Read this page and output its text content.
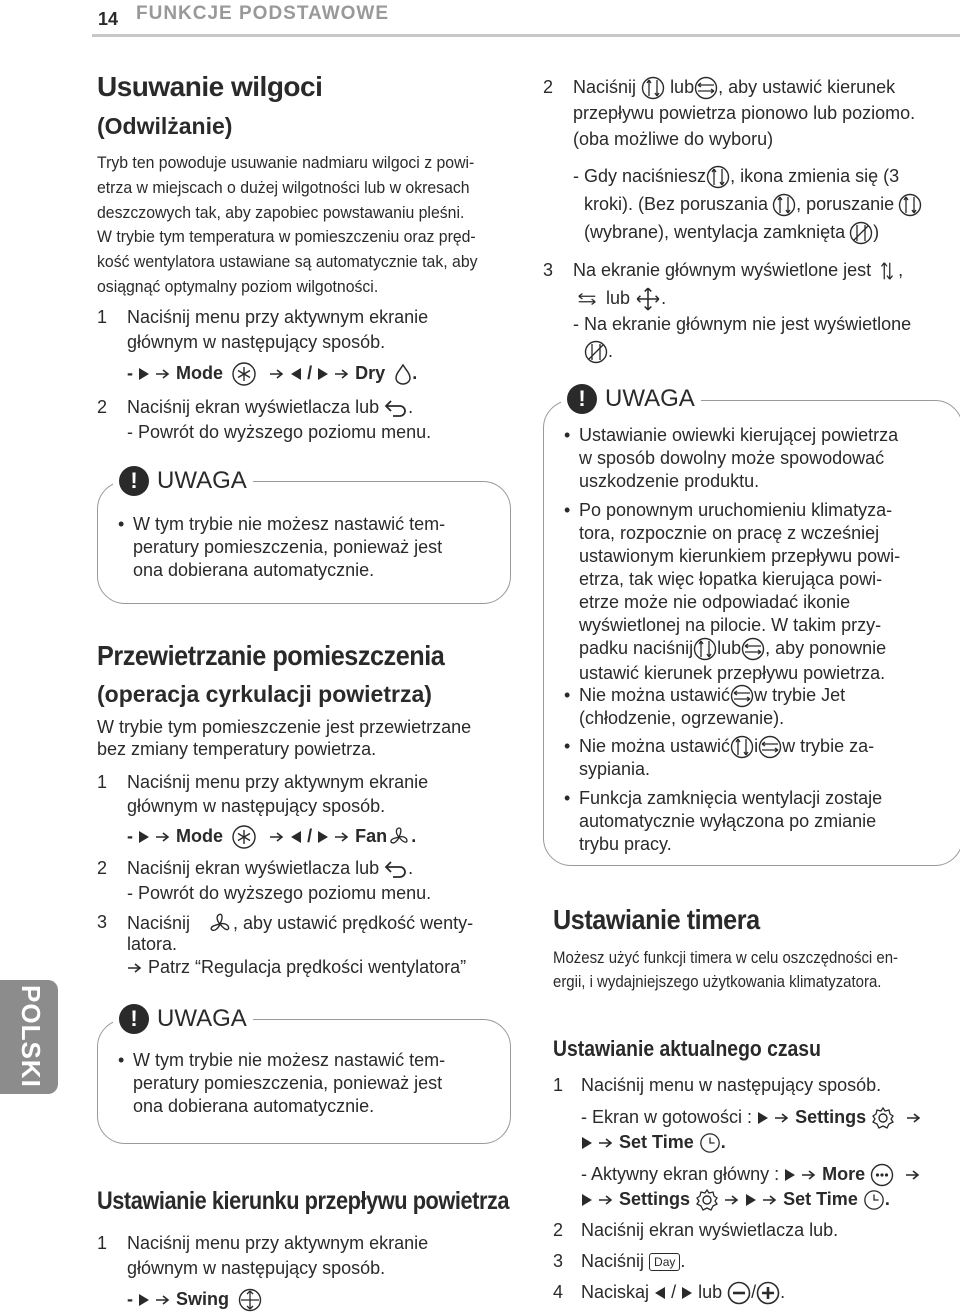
14 FUNKCJE PODSTAWOWE
POLSKI
Usuwanie wilgoci
(Odwilżanie)
Tryb ten powoduje usuwanie nadmiaru wilgoci z powi-
etrza w miejscach o dużej wilgotności lub w okresach
deszczowych tak, aby zapobiec powstawaniu pleśni.
W trybie tym temperatura w pomieszczeniu oraz pręd-
kość wentylatora ustawiane są automatycznie tak, aby
osiągnąć optymalny poziom wilgotności.
1 Naciśnij menu przy aktywnym ekranie
głównym w następujący sposób.
- Mode	/ Dry .
2 Naciśnij ekran wyświetlacza lub .
- Powrót do wyższego poziomu menu.
! UWAGA
• W tym trybie nie możesz nastawić tem-
peratury pomieszczenia, ponieważ jest
ona dobierana automatycznie.
Przewietrzanie pomieszczenia
(operacja cyrkulacji powietrza)
W trybie tym pomieszczenie jest przewietrzane
bez zmiany temperatury powietrza.
1 Naciśnij menu przy aktywnym ekranie
głównym w następujący sposób.
- Mode	/ Fan .
2 Naciśnij ekran wyświetlacza lub .
- Powrót do wyższego poziomu menu.
3 Naciśnij , aby ustawić prędkość wenty-
latora.
Patrz “Regulacja prędkości wentylatora”
! UWAGA
• W tym trybie nie możesz nastawić tem-
peratury pomieszczenia, ponieważ jest
ona dobierana automatycznie.
Ustawianie kierunku przepływu powietrza
1 Naciśnij menu przy aktywnym ekranie
głównym w następujący sposób.
- Swing
2 Naciśnij lub , aby ustawić kierunek
przepływu powietrza pionowo lub poziomo.
(oba możliwe do wyboru)
- Gdy naciśniesz , ikona zmienia się (3
kroki). (Bez poruszania , poruszanie
(wybrane), wentylacja zamknięta )
3 Na ekranie głównym wyświetlone jest ,
lub .
- Na ekranie głównym nie jest wyświetlone
.
! UWAGA
• Ustawianie owiewki kierującej powietrza
w sposób dowolny może spowodować
uszkodzenie produktu.
• Po ponownym uruchomieniu klimatyza-
tora, rozpocznie on pracę z wcześniej
ustawionym kierunkiem przepływu powi-
etrza, tak więc łopatka kierująca powi-
etrze może nie odpowiadać ikonie
wyświetlonej na pilocie. W takim przy-
padku naciśnij lub , aby ponownie
ustawić kierunek przepływu powietrza.
• Nie można ustawić w trybie Jet
(chłodzenie, ogrzewanie).
• Nie można ustawić i w trybie za-
sypiania.
• Funkcja zamknięcia wentylacji zostaje
automatycznie wyłączona po zmianie
trybu pracy.
Ustawianie timera
Możesz użyć funkcji timera w celu oszczędności en-
ergii, i wydajniejszego użytkowania klimatyzatora.
Ustawianie aktualnego czasu
1 Naciśnij menu w następujący sposób.
- Ekran w gotowości : Settings
Set Time .
- Aktywny ekran główny : More
Settings	Set Time .
2 Naciśnij ekran wyświetlacza lub.
3 Naciśnij Day .
4 Naciskaj / lub / .
